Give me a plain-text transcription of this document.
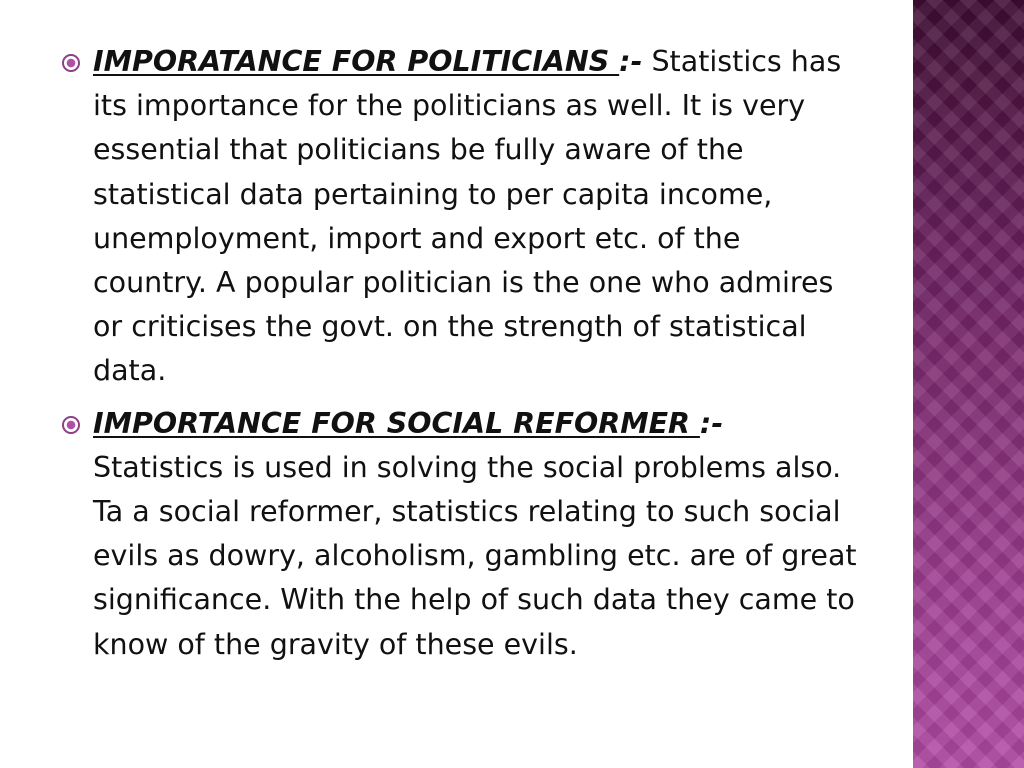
IMPORATANCE FOR POLITICIANS :- Statistics has its importance for the politicians as well. It is very essential that politicians be fully aware of the statistical data pertaining to per capita income, unemployment, import and export etc. of the country. A popular politician is the one who admires or criticises the govt. on the strength of statistical data.
IMPORTANCE FOR SOCIAL REFORMER :-
Statistics is used in solving the social problems also. Ta a social reformer, statistics relating to such social evils as dowry, alcoholism, gambling etc. are of great significance. With the help of such data they came to know of the gravity of these evils.
